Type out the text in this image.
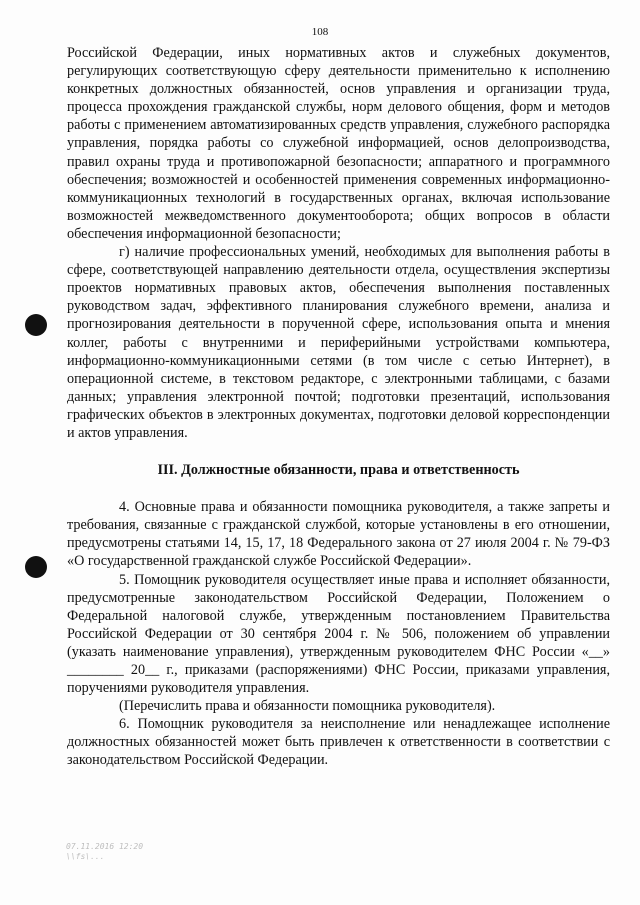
108

Российской Федерации, иных нормативных актов и служебных документов, регулирующих соответствующую сферу деятельности применительно к исполнению конкретных должностных обязанностей, основ управления и организации труда, процесса прохождения гражданской службы, норм делового общения, форм и методов работы с применением автоматизированных средств управления, служебного распорядка управления, порядка работы со служебной информацией, основ делопроизводства, правил охраны труда и противопожарной безопасности; аппаратного и программного обеспечения; возможностей и особенностей применения современных информационно-коммуникационных технологий в государственных органах, включая использование возможностей межведомственного документооборота; общих вопросов в области обеспечения информационной безопасности;

г) наличие профессиональных умений, необходимых для выполнения работы в сфере, соответствующей направлению деятельности отдела, осуществления экспертизы проектов нормативных правовых актов, обеспечения выполнения поставленных руководством задач, эффективного планирования служебного времени, анализа и прогнозирования деятельности в порученной сфере, использования опыта и мнения коллег, работы с внутренними и периферийными устройствами компьютера, информационно-коммуникационными сетями (в том числе с сетью Интернет), в операционной системе, в текстовом редакторе, с электронными таблицами, с базами данных; управления электронной почтой; подготовки презентаций, использования графических объектов в электронных документах, подготовки деловой корреспонденции и актов управления.

III. Должностные обязанности, права и ответственность

4. Основные права и обязанности помощника руководителя, а также запреты и требования, связанные с гражданской службой, которые установлены в его отношении, предусмотрены статьями 14, 15, 17, 18 Федерального закона от 27 июля 2004 г. № 79-ФЗ «О государственной гражданской службе Российской Федерации».

5. Помощник руководителя осуществляет иные права и исполняет обязанности, предусмотренные законодательством Российской Федерации, Положением о Федеральной налоговой службе, утвержденным постановлением Правительства Российской Федерации от 30 сентября 2004 г. № 506, положением об управлении (указать наименование управления), утвержденным руководителем ФНС России «__» ________ 20__ г., приказами (распоряжениями) ФНС России, приказами управления, поручениями руководителя управления.

(Перечислить права и обязанности помощника руководителя).

6. Помощник руководителя за неисполнение или ненадлежащее исполнение должностных обязанностей может быть привлечен к ответственности в соответствии с законодательством Российской Федерации.

07.11.2016 12:20
\\fs\...
